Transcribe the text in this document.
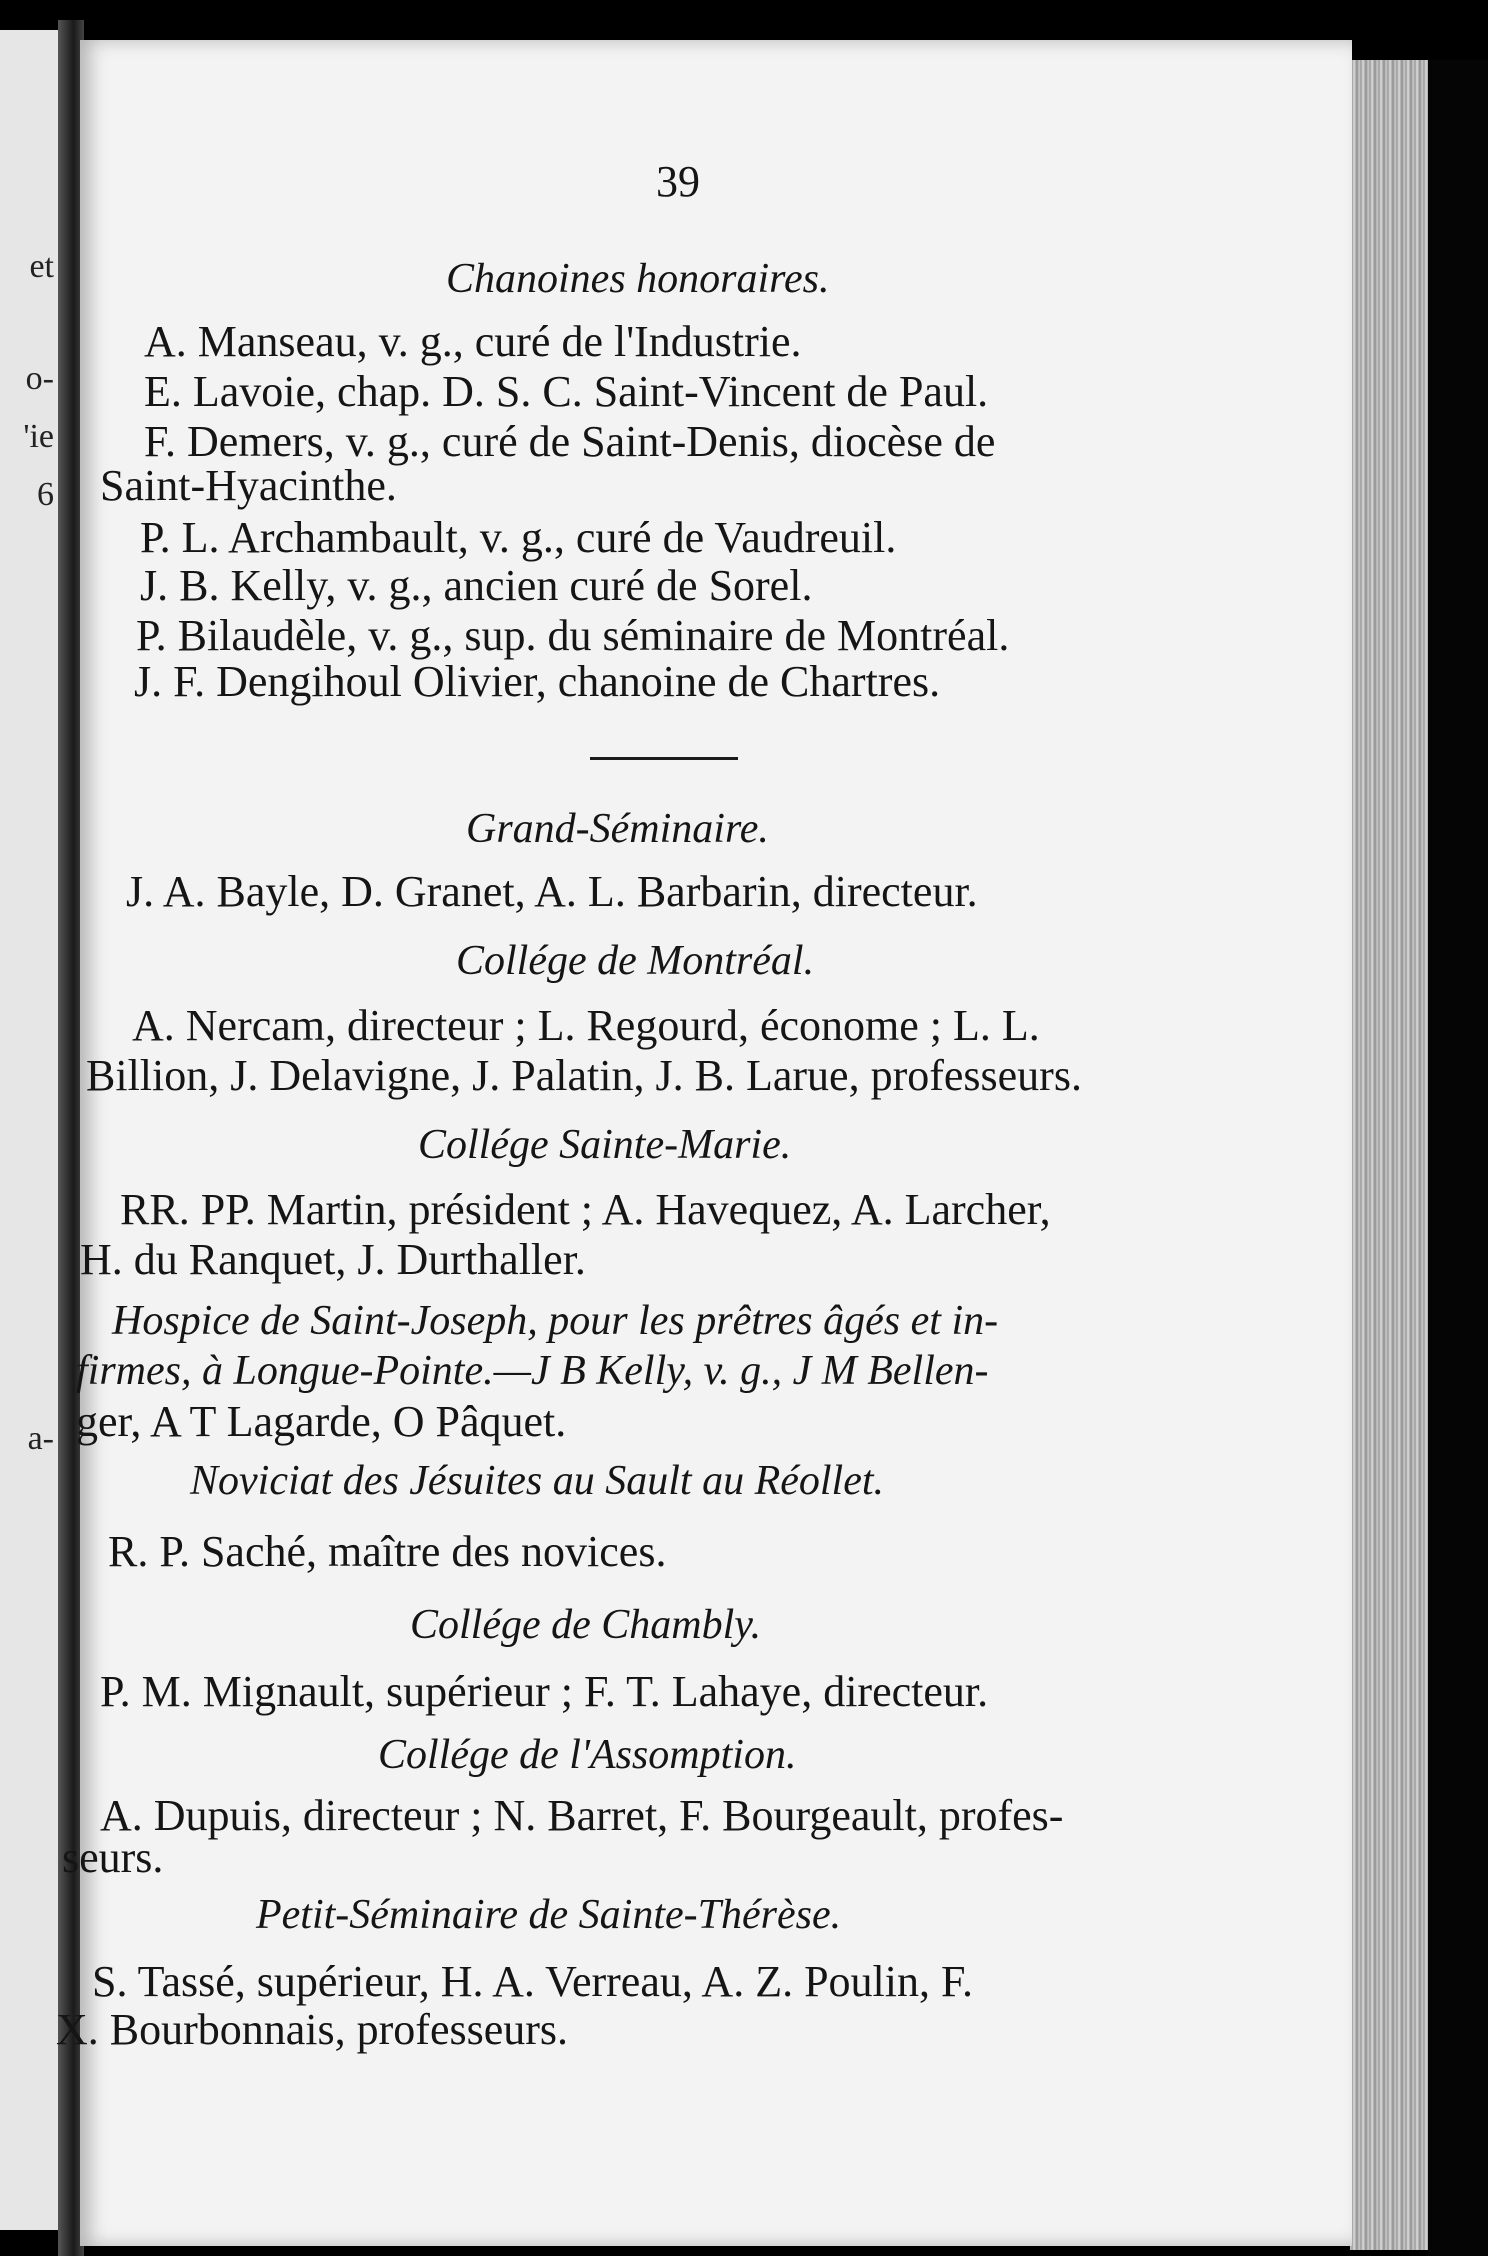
et
o-
'ie
6
a-
39
Chanoines honoraires.
A. Manseau, v. g., curé de l'Industrie.
E. Lavoie, chap. D. S. C. Saint-Vincent de Paul.
F. Demers, v. g., curé de Saint-Denis, diocèse de
Saint-Hyacinthe.
P. L. Archambault, v. g., curé de Vaudreuil.
J. B. Kelly, v. g., ancien curé de Sorel.
P. Bilaudèle, v. g., sup. du séminaire de Montréal.
J. F. Dengihoul Olivier, chanoine de Chartres.
Grand-Séminaire.
J. A. Bayle, D. Granet, A. L. Barbarin, directeur.
Collége de Montréal.
A. Nercam, directeur ; L. Regourd, économe ; L. L.
Billion, J. Delavigne, J. Palatin, J. B. Larue, professeurs.
Collége Sainte-Marie.
RR. PP. Martin, président ; A. Havequez, A. Larcher,
H. du Ranquet, J. Durthaller.
Hospice de Saint-Joseph, pour les prêtres âgés et in-
firmes, à Longue-Pointe.—J B Kelly, v. g., J M Bellen-
ger, A T Lagarde, O Pâquet.
Noviciat des Jésuites au Sault au Réollet.
R. P. Saché, maître des novices.
Collége de Chambly.
P. M. Mignault, supérieur ; F. T. Lahaye, directeur.
Collége de l'Assomption.
A. Dupuis, directeur ; N. Barret, F. Bourgeault, profes-
seurs.
Petit-Séminaire de Sainte-Thérèse.
S. Tassé, supérieur, H. A. Verreau, A. Z. Poulin, F.
X. Bourbonnais, professeurs.
